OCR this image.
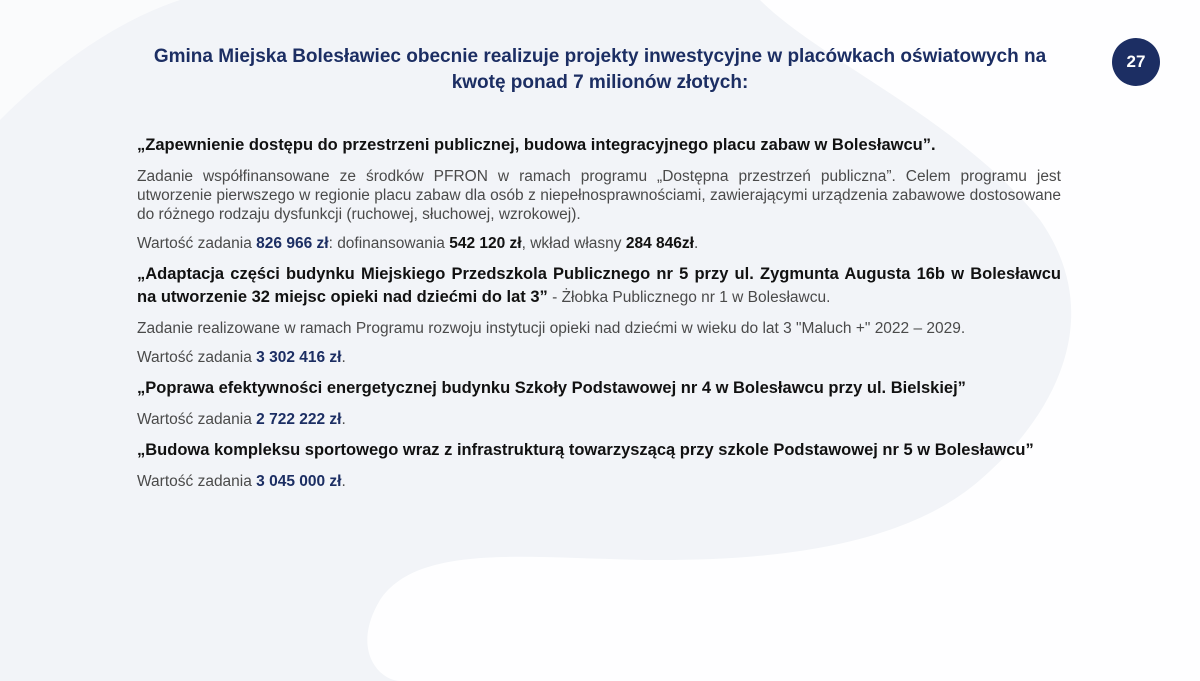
27
Gmina Miejska Bolesławiec obecnie realizuje projekty inwestycyjne w placówkach oświatowych na kwotę ponad 7 milionów złotych:

„Zapewnienie dostępu do przestrzeni publicznej, budowa integracyjnego placu zabaw w Bolesławcu”.

Zadanie współfinansowane ze środków PFRON w ramach programu „Dostępna przestrzeń publiczna”. Celem programu jest utworzenie pierwszego w regionie placu zabaw dla osób z niepełnosprawnościami, zawierającymi urządzenia zabawowe dostosowane do różnego rodzaju dysfunkcji (ruchowej, słuchowej, wzrokowej).

Wartość zadania 826 966 zł: dofinansowania 542 120 zł, wkład własny 284 846zł.

„Adaptacja części budynku Miejskiego Przedszkola Publicznego nr 5 przy ul. Zygmunta Augusta 16b w Bolesławcu na utworzenie 32 miejsc opieki nad dziećmi do lat 3” - Żłobka Publicznego nr 1 w Bolesławcu.

Zadanie realizowane w ramach Programu rozwoju instytucji opieki nad dziećmi w wieku do lat 3 "Maluch +" 2022 – 2029.

Wartość zadania 3 302 416 zł.

„Poprawa efektywności energetycznej budynku Szkoły Podstawowej nr 4 w Bolesławcu przy ul. Bielskiej”

Wartość zadania 2 722 222 zł.

„Budowa kompleksu sportowego wraz z infrastrukturą towarzyszącą przy szkole Podstawowej nr 5 w Bolesławcu”

Wartość zadania 3 045 000 zł.
